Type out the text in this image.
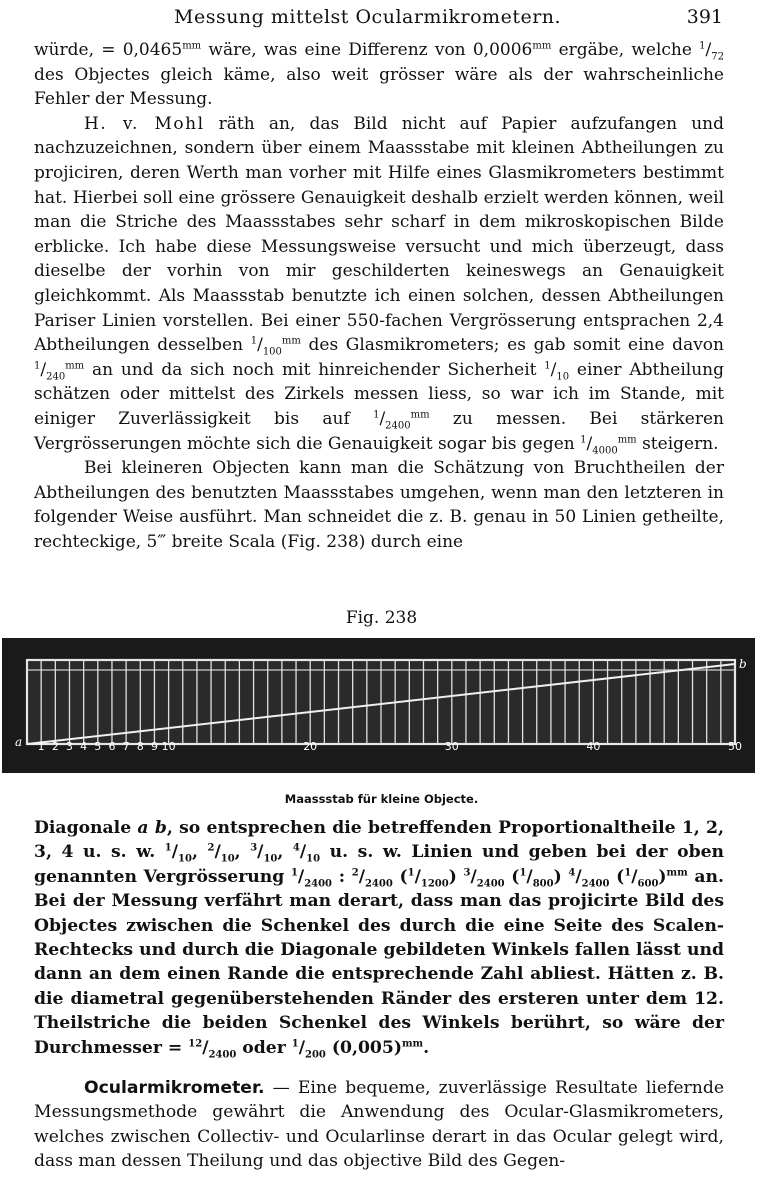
Messung mittelst Ocularmikrometern.	391

würde, = $0,0465^{mm}$ wäre, was eine Differenz von $0,0006^{mm}$ ergäbe, welche $^1/_{72}$ des Objectes gleich käme, also weit grösser wäre als der wahrscheinliche Fehler der Messung.

H. v. Mohl räth an, das Bild nicht auf Papier aufzufangen und nachzuzeichnen, sondern über einem Maassstabe mit kleinen Abtheilungen zu projiciren, deren Werth man vorher mit Hilfe eines Glasmikrometers bestimmt hat. Hierbei soll eine grössere Genauigkeit deshalb erzielt werden können, weil man die Striche des Maassstabes sehr scharf in dem mikroskopischen Bilde erblicke. Ich habe diese Messungsweise versucht und mich überzeugt, dass dieselbe der vorhin von mir geschilderten keineswegs an Genauigkeit gleichkommt. Als Maassstab benutzte ich einen solchen, dessen Abtheilungen Pariser Linien vorstellen. Bei einer 550-fachen Vergrösserung entsprachen 2,4 Abtheilungen desselben $^1/_{100}^{mm}$ des Glasmikrometers; es gab somit eine davon $^1/_{240}^{mm}$ an und da sich noch mit hinreichender Sicherheit $^1/_{10}$ einer Abtheilung schätzen oder mittelst des Zirkels messen liess, so war ich im Stande, mit einiger Zuverlässigkeit bis auf $^1/_{2400}^{mm}$ zu messen. Bei stärkeren Vergrösserungen möchte sich die Genauigkeit sogar bis gegen $^1/_{4000}^{mm}$ steigern.

Bei kleineren Objecten kann man die Schätzung von Bruchtheilen der Abtheilungen des benutzten Maassstabes umgehen, wenn man den letzteren in folgender Weise ausführt. Man schneidet die z. B. genau in 50 Linien getheilte, rechteckige, 5‴ breite Scala (Fig. 238) durch eine

Fig. 238
1 2 3 4 5 6 7 8 9 10	20	30	40	50
a
b
Maassstab für kleine Objecte.

Diagonale a b, so entsprechen die betreffenden Proportionaltheile 1, 2, 3, 4 u. s. w. $^1/_{10}$, $^2/_{10}$, $^3/_{10}$, $^4/_{10}$ u. s. w. Linien und geben bei der oben genannten Vergrösserung $^1/_{2400}$ : $^2/_{2400}$ $(^1/_{1200})$ $^3/_{2400}$ $(^1/_{800})$ $^4/_{2400}$ $(^1/_{600})^{mm}$ an. Bei der Messung verfährt man derart, dass man das projicirte Bild des Objectes zwischen die Schenkel des durch die eine Seite des Scalen-Rechtecks und durch die Diagonale gebildeten Winkels fallen lässt und dann an dem einen Rande die entsprechende Zahl abliest. Hätten z. B. die diametral gegenüberstehenden Ränder des ersteren unter dem 12. Theilstriche die beiden Schenkel des Winkels berührt, so wäre der Durchmesser = $^{12}/_{2400}$ oder $^1/_{200}$ $(0,005)^{mm}$.

Ocularmikrometer. — Eine bequeme, zuverlässige Resultate liefernde Messungsmethode gewährt die Anwendung des Ocular-Glasmikrometers, welches zwischen Collectiv- und Ocularlinse derart in das Ocular gelegt wird, dass man dessen Theilung und das objective Bild des Gegen-
